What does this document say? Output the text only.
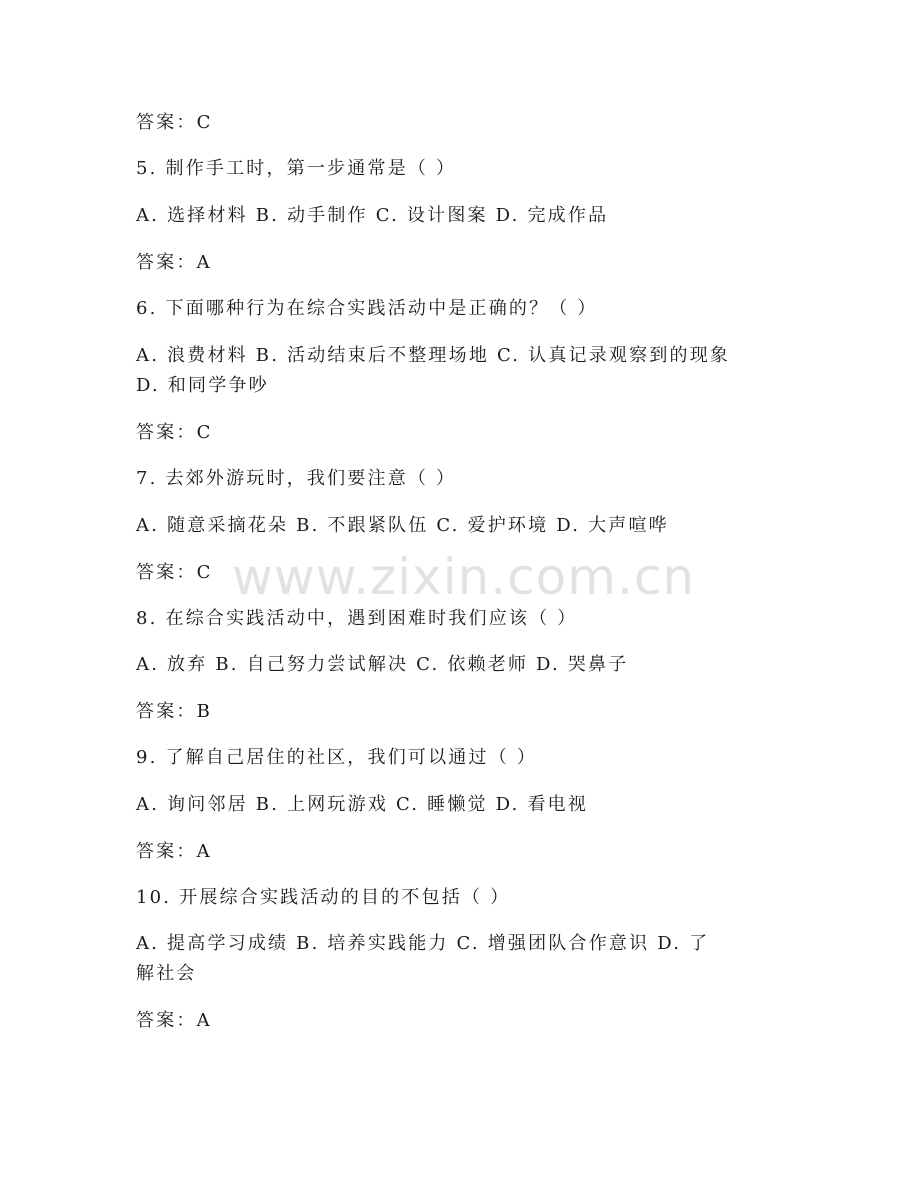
答案：C
5. 制作手工时，第一步通常是（ ）
A. 选择材料 B. 动手制作 C. 设计图案 D. 完成作品
答案：A
6. 下面哪种行为在综合实践活动中是正确的？（ ）
A. 浪费材料 B. 活动结束后不整理场地 C. 认真记录观察到的现象
D. 和同学争吵
答案：C
7. 去郊外游玩时，我们要注意（ ）
A. 随意采摘花朵 B. 不跟紧队伍 C. 爱护环境 D. 大声喧哗
答案：C
8. 在综合实践活动中，遇到困难时我们应该（ ）
A. 放弃 B. 自己努力尝试解决 C. 依赖老师 D. 哭鼻子
答案：B
9. 了解自己居住的社区，我们可以通过（ ）
A. 询问邻居 B. 上网玩游戏 C. 睡懒觉 D. 看电视
答案：A
10. 开展综合实践活动的目的不包括（ ）
A. 提高学习成绩 B. 培养实践能力 C. 增强团队合作意识 D. 了
解社会
答案：A
www.zixin.com.cn
